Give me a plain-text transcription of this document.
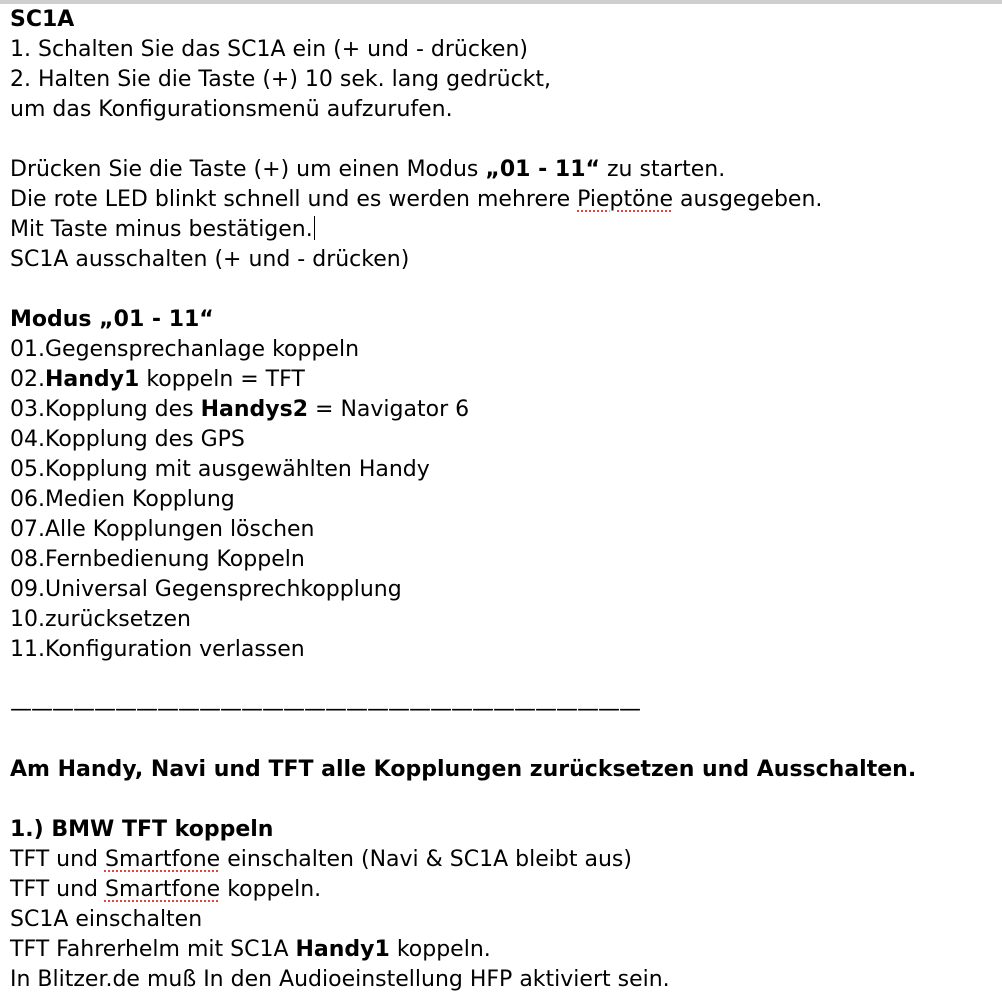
SC1A
1. Schalten Sie das SC1A ein (+ und - drücken)
2. Halten Sie die Taste (+) 10 sek. lang gedrückt,
um das Konfigurationsmenü aufzurufen.
Drücken Sie die Taste (+) um einen Modus „01 - 11“ zu starten.
Die rote LED blinkt schnell und es werden mehrere Pieptöne ausgegeben.
Mit Taste minus bestätigen.
SC1A ausschalten (+ und - drücken)
Modus „01 - 11“
01.Gegensprechanlage koppeln
02.Handy1 koppeln = TFT
03.Kopplung des Handys2 = Navigator 6
04.Kopplung des GPS
05.Kopplung mit ausgewählten Handy
06.Medien Kopplung
07.Alle Kopplungen löschen
08.Fernbedienung Koppeln
09.Universal Gegensprechkopplung
10.zurücksetzen
11.Konfiguration verlassen
——————————————————————————————
Am Handy, Navi und TFT alle Kopplungen zurücksetzen und Ausschalten.
1.) BMW TFT koppeln
TFT und Smartfone einschalten (Navi & SC1A bleibt aus)
TFT und Smartfone koppeln.
SC1A einschalten
TFT Fahrerhelm mit SC1A Handy1 koppeln.
In Blitzer.de muß In den Audioeinstellung HFP aktiviert sein.
